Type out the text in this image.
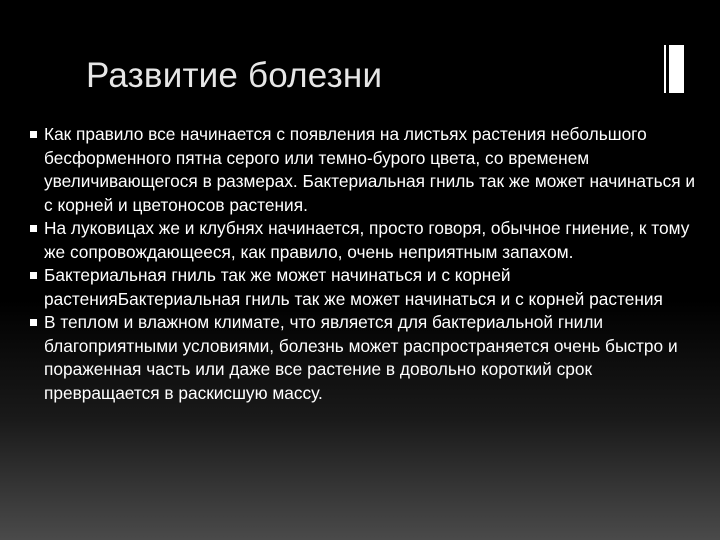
Развитие болезни
Как правило все начинается с появления на листьях растения небольшого бесформенного пятна серого или темно-бурого цвета, со временем увеличивающегося в размерах. Бактериальная гниль так же может начинаться и с корней и цветоносов растения.
На луковицах же и клубнях начинается, просто говоря, обычное гниение, к тому же сопровождающееся, как правило, очень неприятным запахом.
Бактериальная гниль так же может начинаться и с корней растенияБактериальная гниль так же может начинаться и с корней растения
В теплом и влажном климате, что является для бактериальной гнили благоприятными условиями, болезнь может распространяется очень быстро и пораженная часть или даже все растение в довольно короткий срок превращается в раскисшую массу.
